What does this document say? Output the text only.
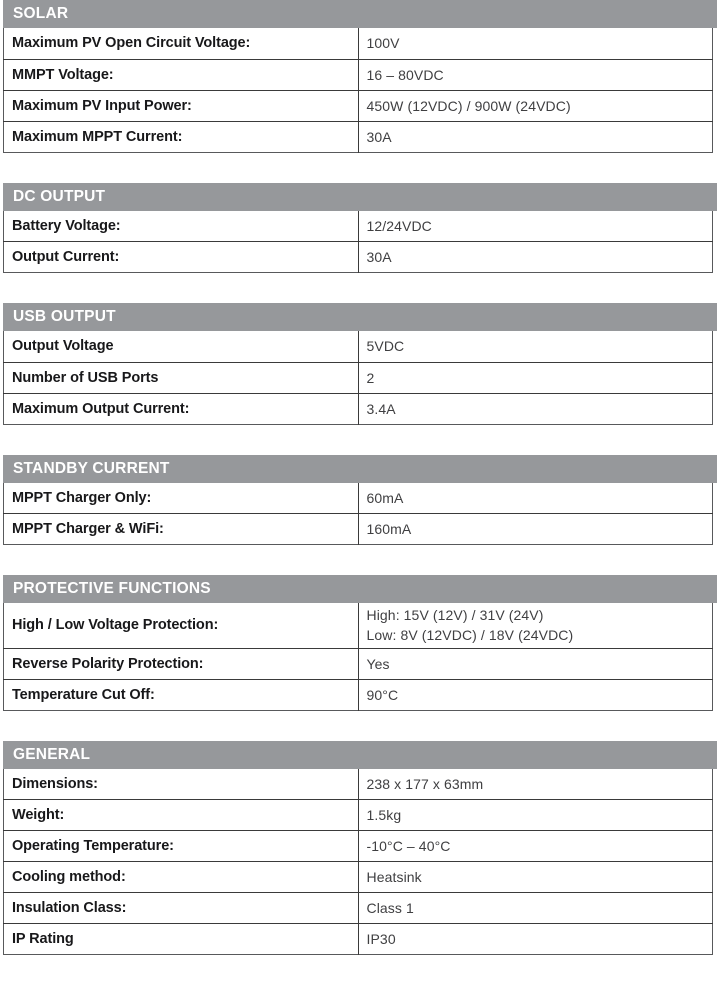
SOLAR
Maximum PV Open Circuit Voltage:	100V
MMPT Voltage:	16 – 80VDC
Maximum PV Input Power:	450W (12VDC) / 900W (24VDC)
Maximum MPPT Current:	30A
DC OUTPUT
Battery Voltage:	12/24VDC
Output Current:	30A
USB OUTPUT
Output Voltage	5VDC
Number of USB Ports	2
Maximum Output Current:	3.4A
STANDBY CURRENT
MPPT Charger Only:	60mA
MPPT Charger & WiFi:	160mA
PROTECTIVE FUNCTIONS
High / Low Voltage Protection:	High: 15V (12V) / 31V (24V)
Low: 8V (12VDC) / 18V (24VDC)

Reverse Polarity Protection:	Yes
Temperature Cut Off:	90°C
GENERAL
Dimensions:	238 x 177 x 63mm
Weight:	1.5kg
Operating Temperature:	-10°C – 40°C
Cooling method:	Heatsink
Insulation Class:	Class 1
IP Rating	IP30
